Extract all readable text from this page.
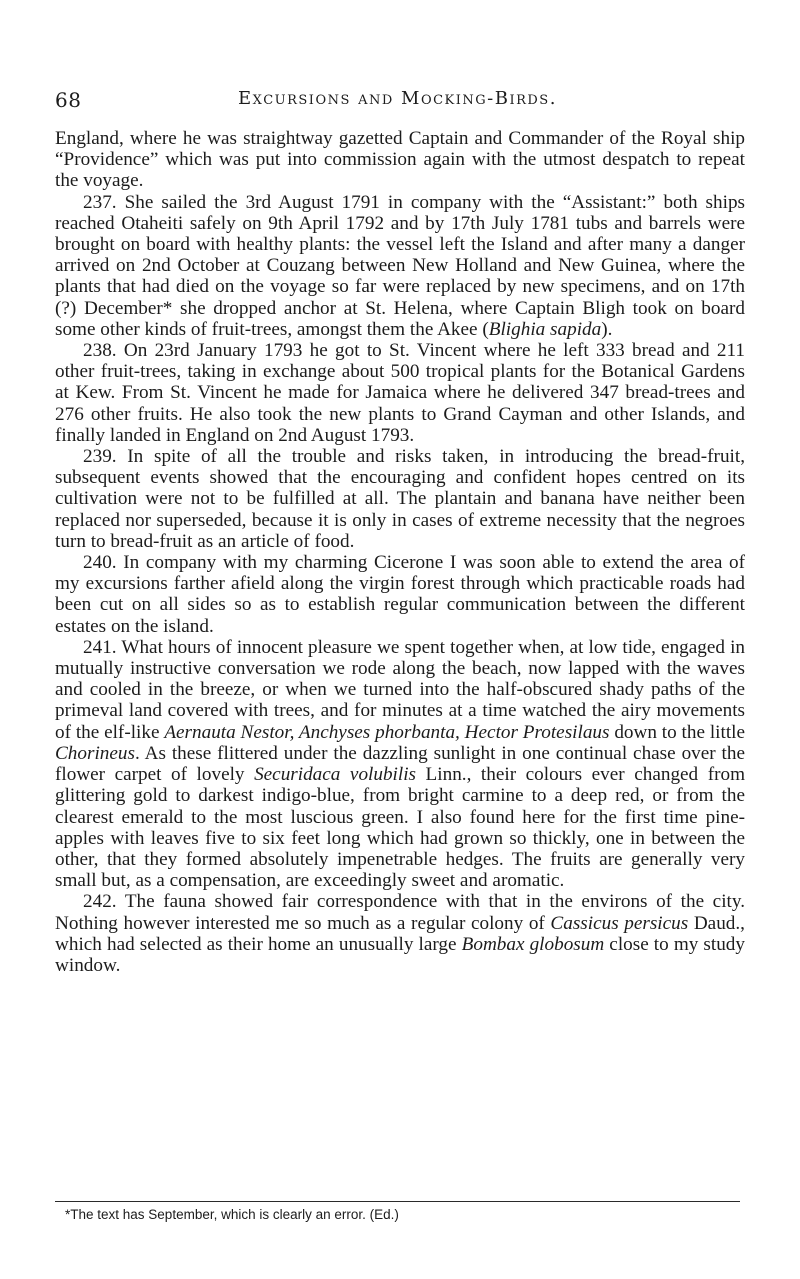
68	Excursions and Mocking-Birds.

England, where he was straightway gazetted Captain and Commander of the Royal ship “Providence” which was put into commission again with the utmost despatch to repeat the voyage.

237. She sailed the 3rd August 1791 in company with the “Assistant:” both ships reached Otaheiti safely on 9th April 1792 and by 17th July 1781 tubs and barrels were brought on board with healthy plants: the vessel left the Island and after many a danger arrived on 2nd October at Couzang between New Holland and New Guinea, where the plants that had died on the voyage so far were replaced by new specimens, and on 17th (?) December* she dropped anchor at St. Helena, where Captain Bligh took on board some other kinds of fruit-trees, amongst them the Akee (Blighia sapida).

238. On 23rd January 1793 he got to St. Vincent where he left 333 bread and 211 other fruit-trees, taking in exchange about 500 tropical plants for the Botanical Gardens at Kew. From St. Vincent he made for Jamaica where he delivered 347 bread-trees and 276 other fruits. He also took the new plants to Grand Cayman and other Islands, and finally landed in England on 2nd August 1793.

239. In spite of all the trouble and risks taken, in introducing the bread-fruit, subsequent events showed that the encouraging and confident hopes centred on its cultivation were not to be fulfilled at all. The plantain and banana have neither been replaced nor superseded, because it is only in cases of extreme necessity that the negroes turn to bread-fruit as an article of food.

240. In company with my charming Cicerone I was soon able to extend the area of my excursions farther afield along the virgin forest through which practicable roads had been cut on all sides so as to establish regular communication between the different estates on the island.

241. What hours of innocent pleasure we spent together when, at low tide, engaged in mutually instructive conversation we rode along the beach, now lapped with the waves and cooled in the breeze, or when we turned into the half-obscured shady paths of the primeval land covered with trees, and for minutes at a time watched the airy movements of the elf-like Aernauta Nestor, Anchyses phorbanta, Hector Protesilaus down to the little Chorineus. As these flittered under the dazzling sunlight in one continual chase over the flower carpet of lovely Securidaca volubilis Linn., their colours ever changed from glittering gold to darkest indigo-blue, from bright carmine to a deep red, or from the clearest emerald to the most luscious green. I also found here for the first time pine-apples with leaves five to six feet long which had grown so thickly, one in between the other, that they formed absolutely impenetrable hedges. The fruits are generally very small but, as a compensation, are exceedingly sweet and aromatic.

242. The fauna showed fair correspondence with that in the environs of the city. Nothing however interested me so much as a regular colony of Cassicus persicus Daud., which had selected as their home an unusually large Bombax globosum close to my study window.

*The text has September, which is clearly an error. (Ed.)
